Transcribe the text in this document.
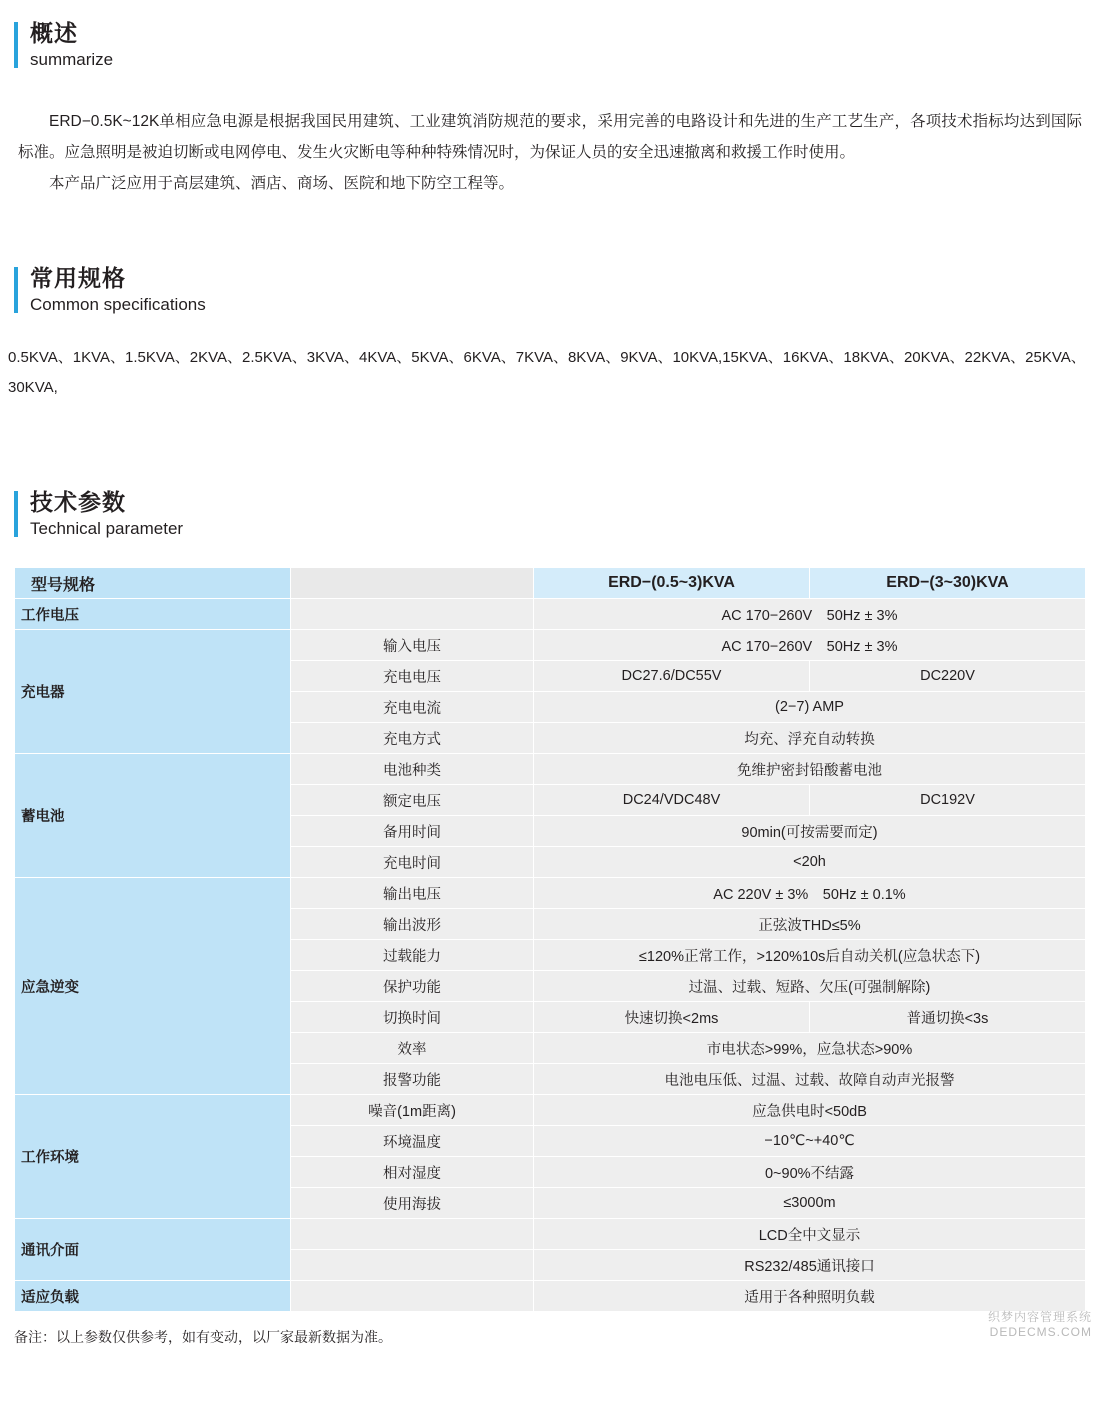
概述
summarize

ERD−0.5K~12K单相应急电源是根据我国民用建筑、工业建筑消防规范的要求，采用完善的电路设计和先进的生产工艺生产，各项技术指标均达到国际标准。应急照明是被迫切断或电网停电、发生火灾断电等种种特殊情况时，为保证人员的安全迅速撤离和救援工作时使用。

本产品广泛应用于高层建筑、酒店、商场、医院和地下防空工程等。

常用规格
Common specifications
0.5KVA、1KVA、1.5KVA、2KVA、2.5KVA、3KVA、4KVA、5KVA、6KVA、7KVA、8KVA、9KVA、10KVA,15KVA、16KVA、18KVA、20KVA、22KVA、25KVA、30KVA,
技术参数
Technical parameter
型号规格		ERD−(0.5~3)KVA	ERD−(3~30)KVA
工作电压		AC 170−260V　50Hz ± 3%	
充电器	输入电压	AC 170−260V　50Hz ± 3%	
	充电电压	DC27.6/DC55V	DC220V
	充电电流	(2−7) AMP	
	充电方式	均充、浮充自动转换	
蓄电池	电池种类	免维护密封铅酸蓄电池	
	额定电压	DC24/VDC48V	DC192V
	备用时间	90min(可按需要而定)	
	充电时间	<20h	
应急逆变	输出电压	AC 220V ± 3%　50Hz ± 0.1%	
	输出波形	正弦波THD≤5%	
	过载能力	≤120%正常工作，>120%10s后自动关机(应急状态下)	
	保护功能	过温、过载、短路、欠压(可强制解除)	
	切换时间	快速切换<2ms	普通切换<3s
	效率	市电状态>99%，应急状态>90%	
	报警功能	电池电压低、过温、过载、故障自动声光报警	
工作环境	噪音(1m距离)	应急供电时<50dB	
	环境温度	−10℃~+40℃	
	相对湿度	0~90%不结露	
	使用海拔	≤3000m	
通讯介面		LCD全中文显示	
		RS232/485通讯接口	
适应负载		适用于各种照明负载	
备注：以上参数仅供参考，如有变动，以厂家最新数据为准。
织梦内容管理系统
DEDECMS.COM
